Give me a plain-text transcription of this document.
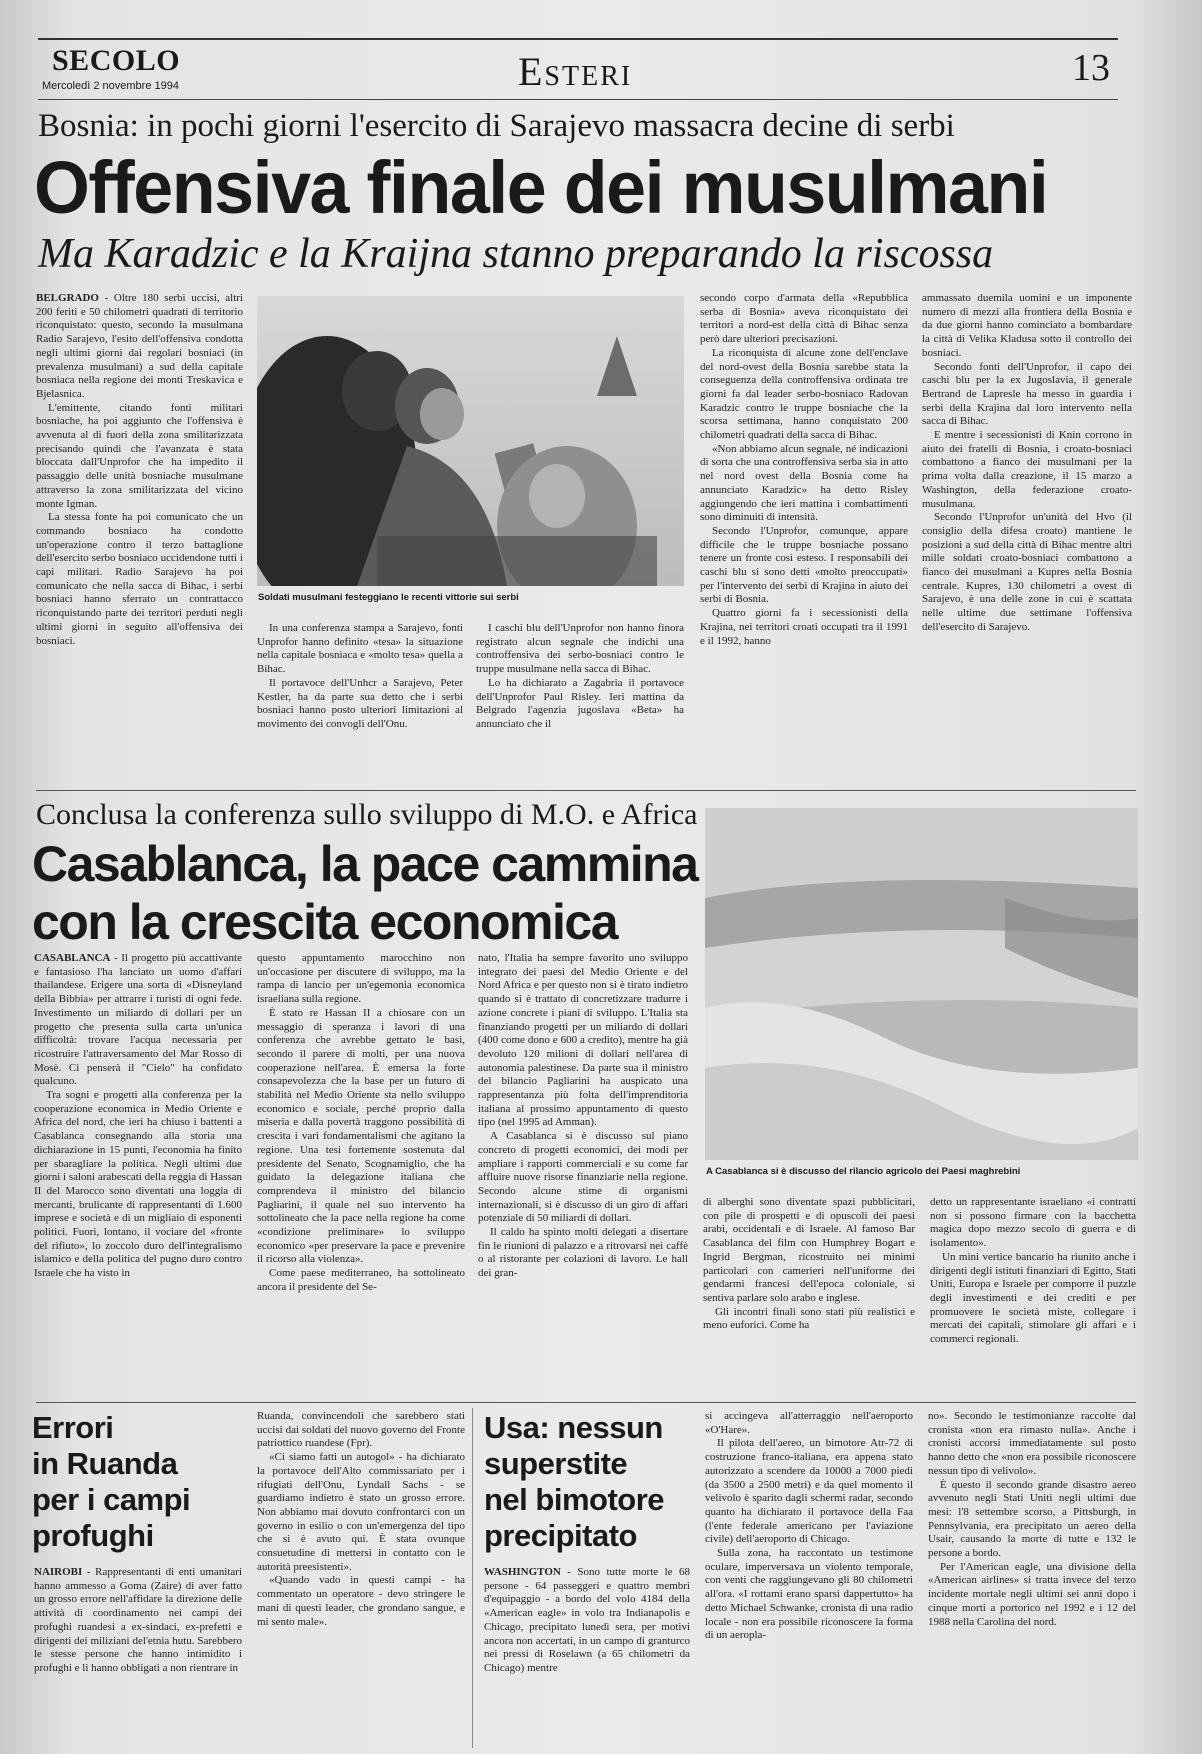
SECOLO
Mercoledì 2 novembre 1994	Esteri	13
Bosnia: in pochi giorni l'esercito di Sarajevo massacra decine di serbi
Offensiva finale dei musulmani
Ma Karadzic e la Kraijna stanno preparando la riscossa

BELGRADO - Oltre 180 serbi uccisi, altri 200 feriti e 50 chilometri quadrati di territorio riconquistato: questo, secondo la musulmana Radio Sarajevo, l'esito dell'offensiva condotta negli ultimi giorni dai regolari bosniaci (in prevalenza musulmani) a sud della capitale bosniaca nella regione dei monti Treskavica e Bjelasnica.

L'emittente, citando fonti militari bosniache, ha poi aggiunto che l'offensiva è avvenuta al di fuori della zona smilitarizzata precisando quindi che l'avanzata è stata bloccata dall'Unprofor che ha impedito il passaggio delle unità bosniache musulmane attraverso la zona smilitarizzata del vicino monte Igman.

La stessa fonte ha poi comunicato che un commando bosniaco ha condotto un'operazione contro il terzo battaglione dell'esercito serbo bosniaco uccidendone tutti i capi militari. Radio Sarajevo ha poi comunicato che nella sacca di Bihac, i serbi bosniaci hanno sferrato un contrattacco riconquistando parte dei territori perduti negli ultimi giorni in seguito all'offensiva dei bosniaci.

Soldati musulmani festeggiano le recenti vittorie sui serbi

In una conferenza stampa a Sarajevo, fonti Unprofor hanno definito «tesa» la situazione nella capitale bosniaca e «molto tesa» quella a Bihac.

Il portavoce dell'Unhcr a Sarajevo, Peter Kestler, ha da parte sua detto che i serbi bosniaci hanno posto ulteriori limitazioni al movimento dei convogli dell'Onu.

I caschi blu dell'Unprofor non hanno finora registrato alcun segnale che indichi una controffensiva dei serbo-bosniaci contro le truppe musulmane nella sacca di Bihac.

Lo ha dichiarato a Zagabria il portavoce dell'Unprofor Paul Risley. Ieri mattina da Belgrado l'agenzia jugoslava «Beta» ha annunciato che il

secondo corpo d'armata della «Repubblica serba di Bosnia» aveva riconquistato dei territori a nord-est della città di Bihac senza però dare ulteriori precisazioni.

La riconquista di alcune zone dell'enclave del nord-ovest della Bosnia sarebbe stata la conseguenza della controffensiva ordinata tre giorni fa dal leader serbo-bosniaco Radovan Karadzic contro le truppe bosniache che la scorsa settimana, hanno conquistato 200 chilometri quadrati della sacca di Bihac.

«Non abbiamo alcun segnale, né indicazioni di sorta che una controffensiva serba sia in atto nel nord ovest della Bosnia come ha annunciato Karadzic» ha detto Risley aggiungendo che ieri mattina i combattimenti sono diminuiti di intensità.

Secondo l'Unprofor, comunque, appare difficile che le truppe bosniache possano tenere un fronte così esteso. I responsabili dei caschi blu si sono detti «molto preoccupati» per l'intervento dei serbi di Krajina in aiuto dei serbi di Bosnia.

Quattro giorni fa i secessionisti della Krajina, nei territori croati occupati tra il 1991 e il 1992, hanno

ammassato duemila uomini e un imponente numero di mezzi alla frontiera della Bosnia e da due giorni hanno cominciato a bombardare la città di Velika Kladusa sotto il controllo dei bosniaci.

Secondo fonti dell'Unprofor, il capo dei caschi blu per la ex Jugoslavia, il generale Bertrand de Lapresle ha messo in guardia i serbi della Krajina dal loro intervento nella sacca di Bihac.

E mentre i secessionisti di Knin corrono in aiuto dei fratelli di Bosnia, i croato-bosniaci combattono a fianco dei musulmani per la prima volta dalla creazione, il 15 marzo a Washington, della federazione croato-musulmana.

Secondo l'Unprofor un'unità del Hvo (il consiglio della difesa croato) mantiene le posizioni a sud della città di Bihac mentre altri mille soldati croato-bosniaci combattono a fianco dei musulmani a Kupres nella Bosnia centrale. Kupres, 130 chilometri a ovest di Sarajevo, è una delle zone in cui è scattata nelle ultime due settimane l'offensiva dell'esercito di Sarajevo.

Conclusa la conferenza sullo sviluppo di M.O. e Africa
Casablanca, la pace cammina
con la crescita economica
A Casablanca si è discusso del rilancio agricolo dei Paesi maghrebini

CASABLANCA - Il progetto più accattivante e fantasioso l'ha lanciato un uomo d'affari thailandese. Erigere una sorta di «Disneyland della Bibbia» per attrarre i turisti di ogni fede. Investimento un miliardo di dollari per un progetto che presenta sulla carta un'unica difficoltà: trovare l'acqua necessaria per ricostruire l'attraversamento del Mar Rosso di Mosè. Ci penserà il "Cielo" ha confidato qualcuno.

Tra sogni e progetti alla conferenza per la cooperazione economica in Medio Oriente e Africa del nord, che ieri ha chiuso i battenti a Casablanca consegnando alla storia una dichiarazione in 15 punti, l'economia ha finito per sbaragliare la politica. Negli ultimi due giorni i saloni arabescati della reggia di Hassan II del Marocco sono diventati una loggia di mercanti, brulicante di rappresentanti di 1.600 imprese e società e di un migliaio di esponenti politici. Fuori, lontano, il vociare del «fronte del rifiuto», lo zoccolo duro dell'integralismo islamico e della politica del pugno duro contro Israele che ha visto in

questo appuntamento marocchino non un'occasione per discutere di sviluppo, ma la rampa di lancio per un'egemonia economica israeliana sulla regione.

È stato re Hassan II a chiosare con un messaggio di speranza i lavori di una conferenza che avrebbe gettato le basi, secondo il parere di molti, per una nuova cooperazione nell'area. È emersa la forte consapevolezza che la base per un futuro di stabilità nel Medio Oriente sta nello sviluppo economico e sociale, perché proprio dalla miseria e dalla povertà traggono possibilità di crescita i vari fondamentalismi che agitano la regione. Una tesi fortemente sostenuta dal presidente del Senato, Scognamiglio, che ha guidato la delegazione italiana che comprendeva il ministro del bilancio Pagliarini, il quale nel suo intervento ha sottolineato che la pace nella regione ha come «condizione preliminare» lo sviluppo economico «per preservare la pace e prevenire il ricorso alla violenza».

Come paese mediterraneo, ha sottolineato ancora il presidente del Se-

nato, l'Italia ha sempre favorito uno sviluppo integrato dei paesi del Medio Oriente e del Nord Africa e per questo non si è tirato indietro quando si è trattato di concretizzare tradurre i azione concrete i piani di sviluppo. L'Italia sta finanziando progetti per un miliardo di dollari (400 come dono e 600 a credito), mentre ha già devoluto 120 milioni di dollari nell'area di autonomia palestinese. Da parte sua il ministro del bilancio Pagliarini ha auspicato una rappresentanza più folta dell'imprenditoria italiana al prossimo appuntamento di questo tipo (nel 1995 ad Amman).

A Casablanca si è discusso sul piano concreto di progetti economici, dei modi per ampliare i rapporti commerciali e su come far affluire nuove risorse finanziarie nella regione. Secondo alcune stime di organismi internazionali, si è discusso di un giro di affari potenziale di 50 miliardi di dollari.

Il caldo ha spinto molti delegati a disertare fin le riunioni di palazzo e a ritrovarsi nei caffè o al ristorante per colazioni di lavoro. Le hall dei gran-

di alberghi sono diventate spazi pubblicitari, con pile di prospetti e di opuscoli dei paesi arabi, occidentali e di Israele. Al famoso Bar Casablanca del film con Humphrey Bogart e Ingrid Bergman, ricostruito nei minimi particolari con camerieri nell'uniforme dei gendarmi francesi dell'epoca coloniale, si sentiva parlare solo arabo e inglese.

Gli incontri finali sono stati più realistici e meno euforici. Come ha

detto un rappresentante israeliano «i contratti non si possono firmare con la bacchetta magica dopo mezzo secolo di guerra e di isolamento».

Un mini vertice bancario ha riunito anche i dirigenti degli istituti finanziari di Egitto, Stati Uniti, Europa e Israele per comporre il puzzle degli investimenti e dei crediti e per promuovere le società miste, collegare i mercati dei capitali, stimolare gli affari e i commerci regionali.

Errori
in Ruanda
per i campi
profughi

NAIROBI - Rappresentanti di enti umanitari hanno ammesso a Goma (Zaire) di aver fatto un grosso errore nell'affidare la direzione delle attività di coordinamento nei campi dei profughi ruandesi a ex-sindaci, ex-prefetti e dirigenti dei miliziani del'etnia hutu. Sarebbero le stesse persone che hanno intimidito i profughi e li hanno obbligati a non rientrare in

Ruanda, convincendoli che sarebbero stati uccisi dai soldati del nuovo governo del Fronte patriottico ruandese (Fpr).

«Ci siamo fatti un autogol» - ha dichiarato la portavoce dell'Alto commissariato per i rifugiati dell'Onu, Lyndall Sachs - se guardiamo indietro è stato un grosso errore. Non abbiamo mai dovuto confrontarci con un governo in esilio o con un'emergenza del tipo che si è avuto qui. È stata ovunque consuetudine di mettersi in contatto con le autorità preesistenti».

«Quando vado in questi campi - ha commentato un operatore - devo stringere le mani di questi leader, che grondano sangue, e mi sento male».

Usa: nessun
superstite
nel bimotore
precipitato

WASHINGTON - Sono tutte morte le 68 persone - 64 passeggeri e quattro membri d'equipaggio - a bordo del volo 4184 della «American eagle» in volo tra Indianapolis e Chicago, precipitato lunedì sera, per motivi ancora non accertati, in un campo di granturco nei pressi di Roselawn (a 65 chilometri da Chicago) mentre

si accingeva all'atterraggio nell'aeroporto «O'Hare».

Il pilota dell'aereo, un bimotore Atr-72 di costruzione franco-italiana, era appena stato autorizzato a scendere da 10000 a 7000 piedi (da 3500 a 2500 metri) e da quel momento il velivolo è sparito dagli schermi radar, secondo quanto ha dichiarato il portavoce della Faa (l'ente federale americano per l'aviazione civile) dell'aeroporto di Chicago.

Sulla zona, ha raccontato un testimone oculare, imperversava un violento temporale, con venti che raggiungevano gli 80 chilometri all'ora. «I rottami erano sparsi dappertutto» ha detto Michael Schwanke, cronista di una radio locale - non era possibile riconoscere la forma di un aeropla-

no». Secondo le testimonianze raccolte dal cronista «non era rimasto nulla». Anche i cronisti accorsi immediatamente sul posto hanno detto che «non era possibile riconoscere nessun tipo di velivolo».

È questo il secondo grande disastro aereo avvenuto negli Stati Uniti negli ultimi due mesi: l'8 settembre scorso, a Pittsburgh, in Pennsylvania, era precipitato un aereo della Usair, causando la morte di tutte e 132 le persone a bordo.

Per l'American eagle, una divisione della «American airlines» si tratta invece del terzo incidente mortale negli ultimi sei anni dopo i cinque morti a portorico nel 1992 e i 12 del 1988 nella Carolina del nord.
